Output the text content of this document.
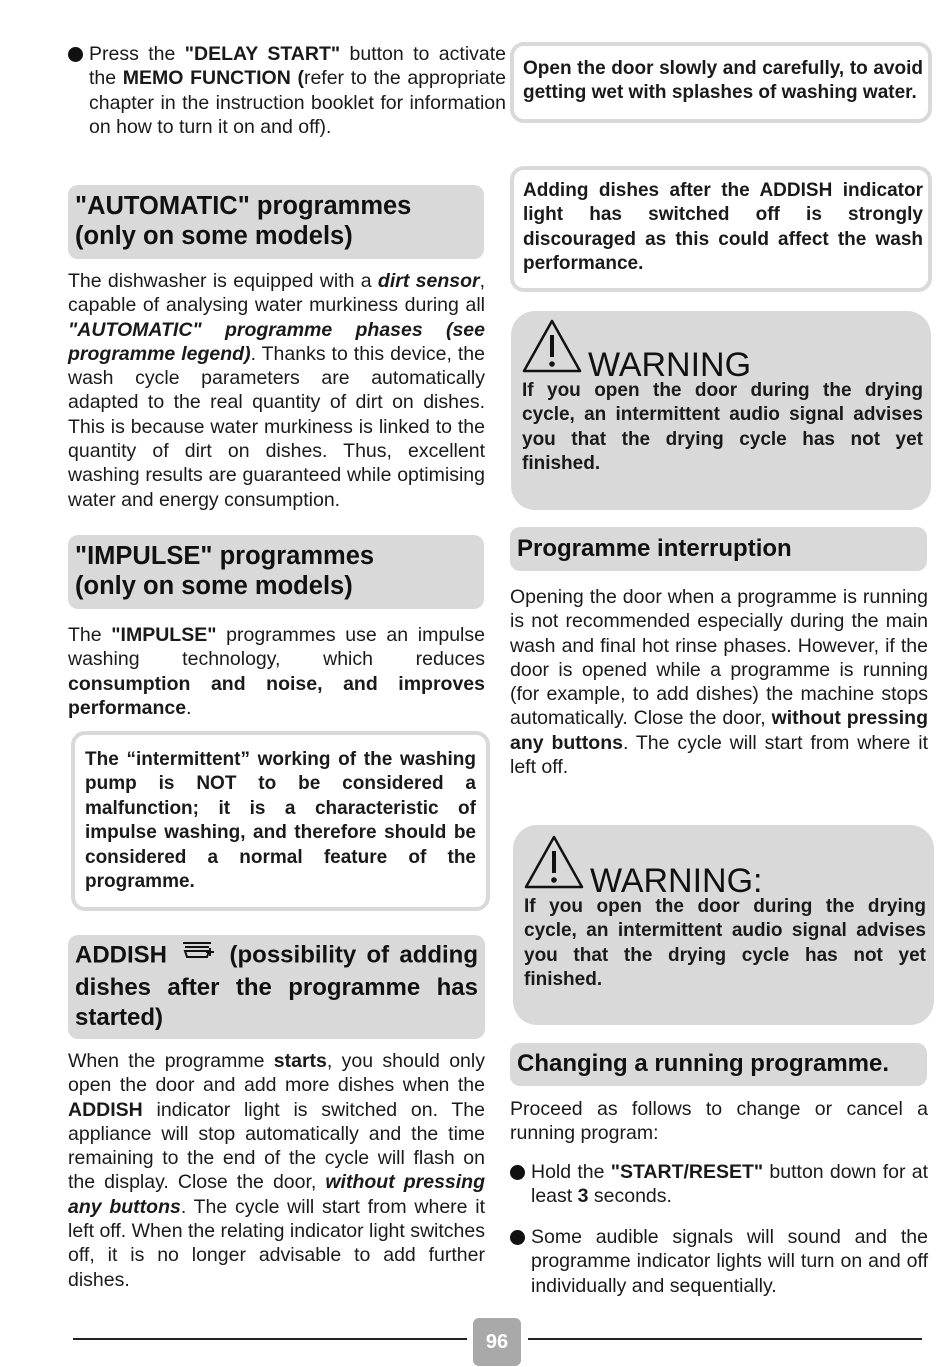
Press the "DELAY START" button to activate the MEMO FUNCTION (refer to the appropriate chapter in the instruction booklet for information on how to turn it on and off).
"AUTOMATIC" programmes
(only on some models)

The dishwasher is equipped with a dirt sensor, capable of analysing water murkiness during all "AUTOMATIC" programme phases (see programme legend). Thanks to this device, the wash cycle parameters are automatically adapted to the real quantity of dirt on dishes. This is because water murkiness is linked to the quantity of dirt on dishes. Thus, excellent washing results are guaranteed while optimising water and energy consumption.

"IMPULSE" programmes
(only on some models)

The "IMPULSE" programmes use an impulse washing technology, which reduces consumption and noise, and improves performance.

The “intermittent” working of the washing pump is NOT to be considered a malfunction; it is a characteristic of impulse washing, and therefore should be considered a normal feature of the programme.
ADDISH	(possibility of adding dishes after the programme has started)

When the programme starts, you should only open the door and add more dishes when the ADDISH indicator light is switched on. The appliance will stop automatically and the time remaining to the end of the cycle will flash on the display. Close the door, without pressing any buttons. The cycle will start from where it left off. When the relating indicator light switches off, it is no longer advisable to add further dishes.

Open the door slowly and carefully, to avoid getting wet with splashes of washing water.
Adding dishes after the ADDISH indicator light has switched off is strongly discouraged as this could affect the wash performance.
WARNING

If you open the door during the drying cycle, an intermittent audio signal advises you that the drying cycle has not yet finished.

Programme interruption

Opening the door when a programme is running is not recommended especially during the main wash and final hot rinse phases. However, if the door is opened while a programme is running (for example, to add dishes) the machine stops automatically. Close the door, without pressing any buttons. The cycle will start from where it left off.

WARNING:

If you open the door during the drying cycle, an intermittent audio signal advises you that the drying cycle has not yet finished.

Changing a running programme.

Proceed as follows to change or cancel a running program:

Hold the "START/RESET" button down for at least 3 seconds.
Some audible signals will sound and the programme indicator lights will turn on and off individually and sequentially.
96
